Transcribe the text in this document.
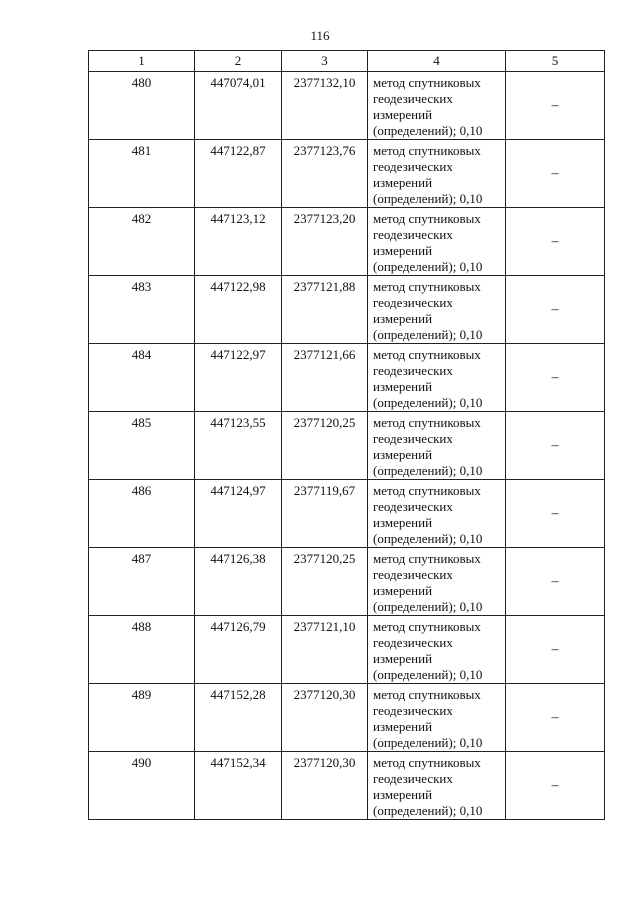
116
1	2	3	4	5
480	447074,01	2377132,10	метод спутниковых геодезических измерений (определений); 0,10	–
481	447122,87	2377123,76	метод спутниковых геодезических измерений (определений); 0,10	–
482	447123,12	2377123,20	метод спутниковых геодезических измерений (определений); 0,10	–
483	447122,98	2377121,88	метод спутниковых геодезических измерений (определений); 0,10	–
484	447122,97	2377121,66	метод спутниковых геодезических измерений (определений); 0,10	–
485	447123,55	2377120,25	метод спутниковых геодезических измерений (определений); 0,10	–
486	447124,97	2377119,67	метод спутниковых геодезических измерений (определений); 0,10	–
487	447126,38	2377120,25	метод спутниковых геодезических измерений (определений); 0,10	–
488	447126,79	2377121,10	метод спутниковых геодезических измерений (определений); 0,10	–
489	447152,28	2377120,30	метод спутниковых геодезических измерений (определений); 0,10	–
490	447152,34	2377120,30	метод спутниковых геодезических измерений (определений); 0,10	–
